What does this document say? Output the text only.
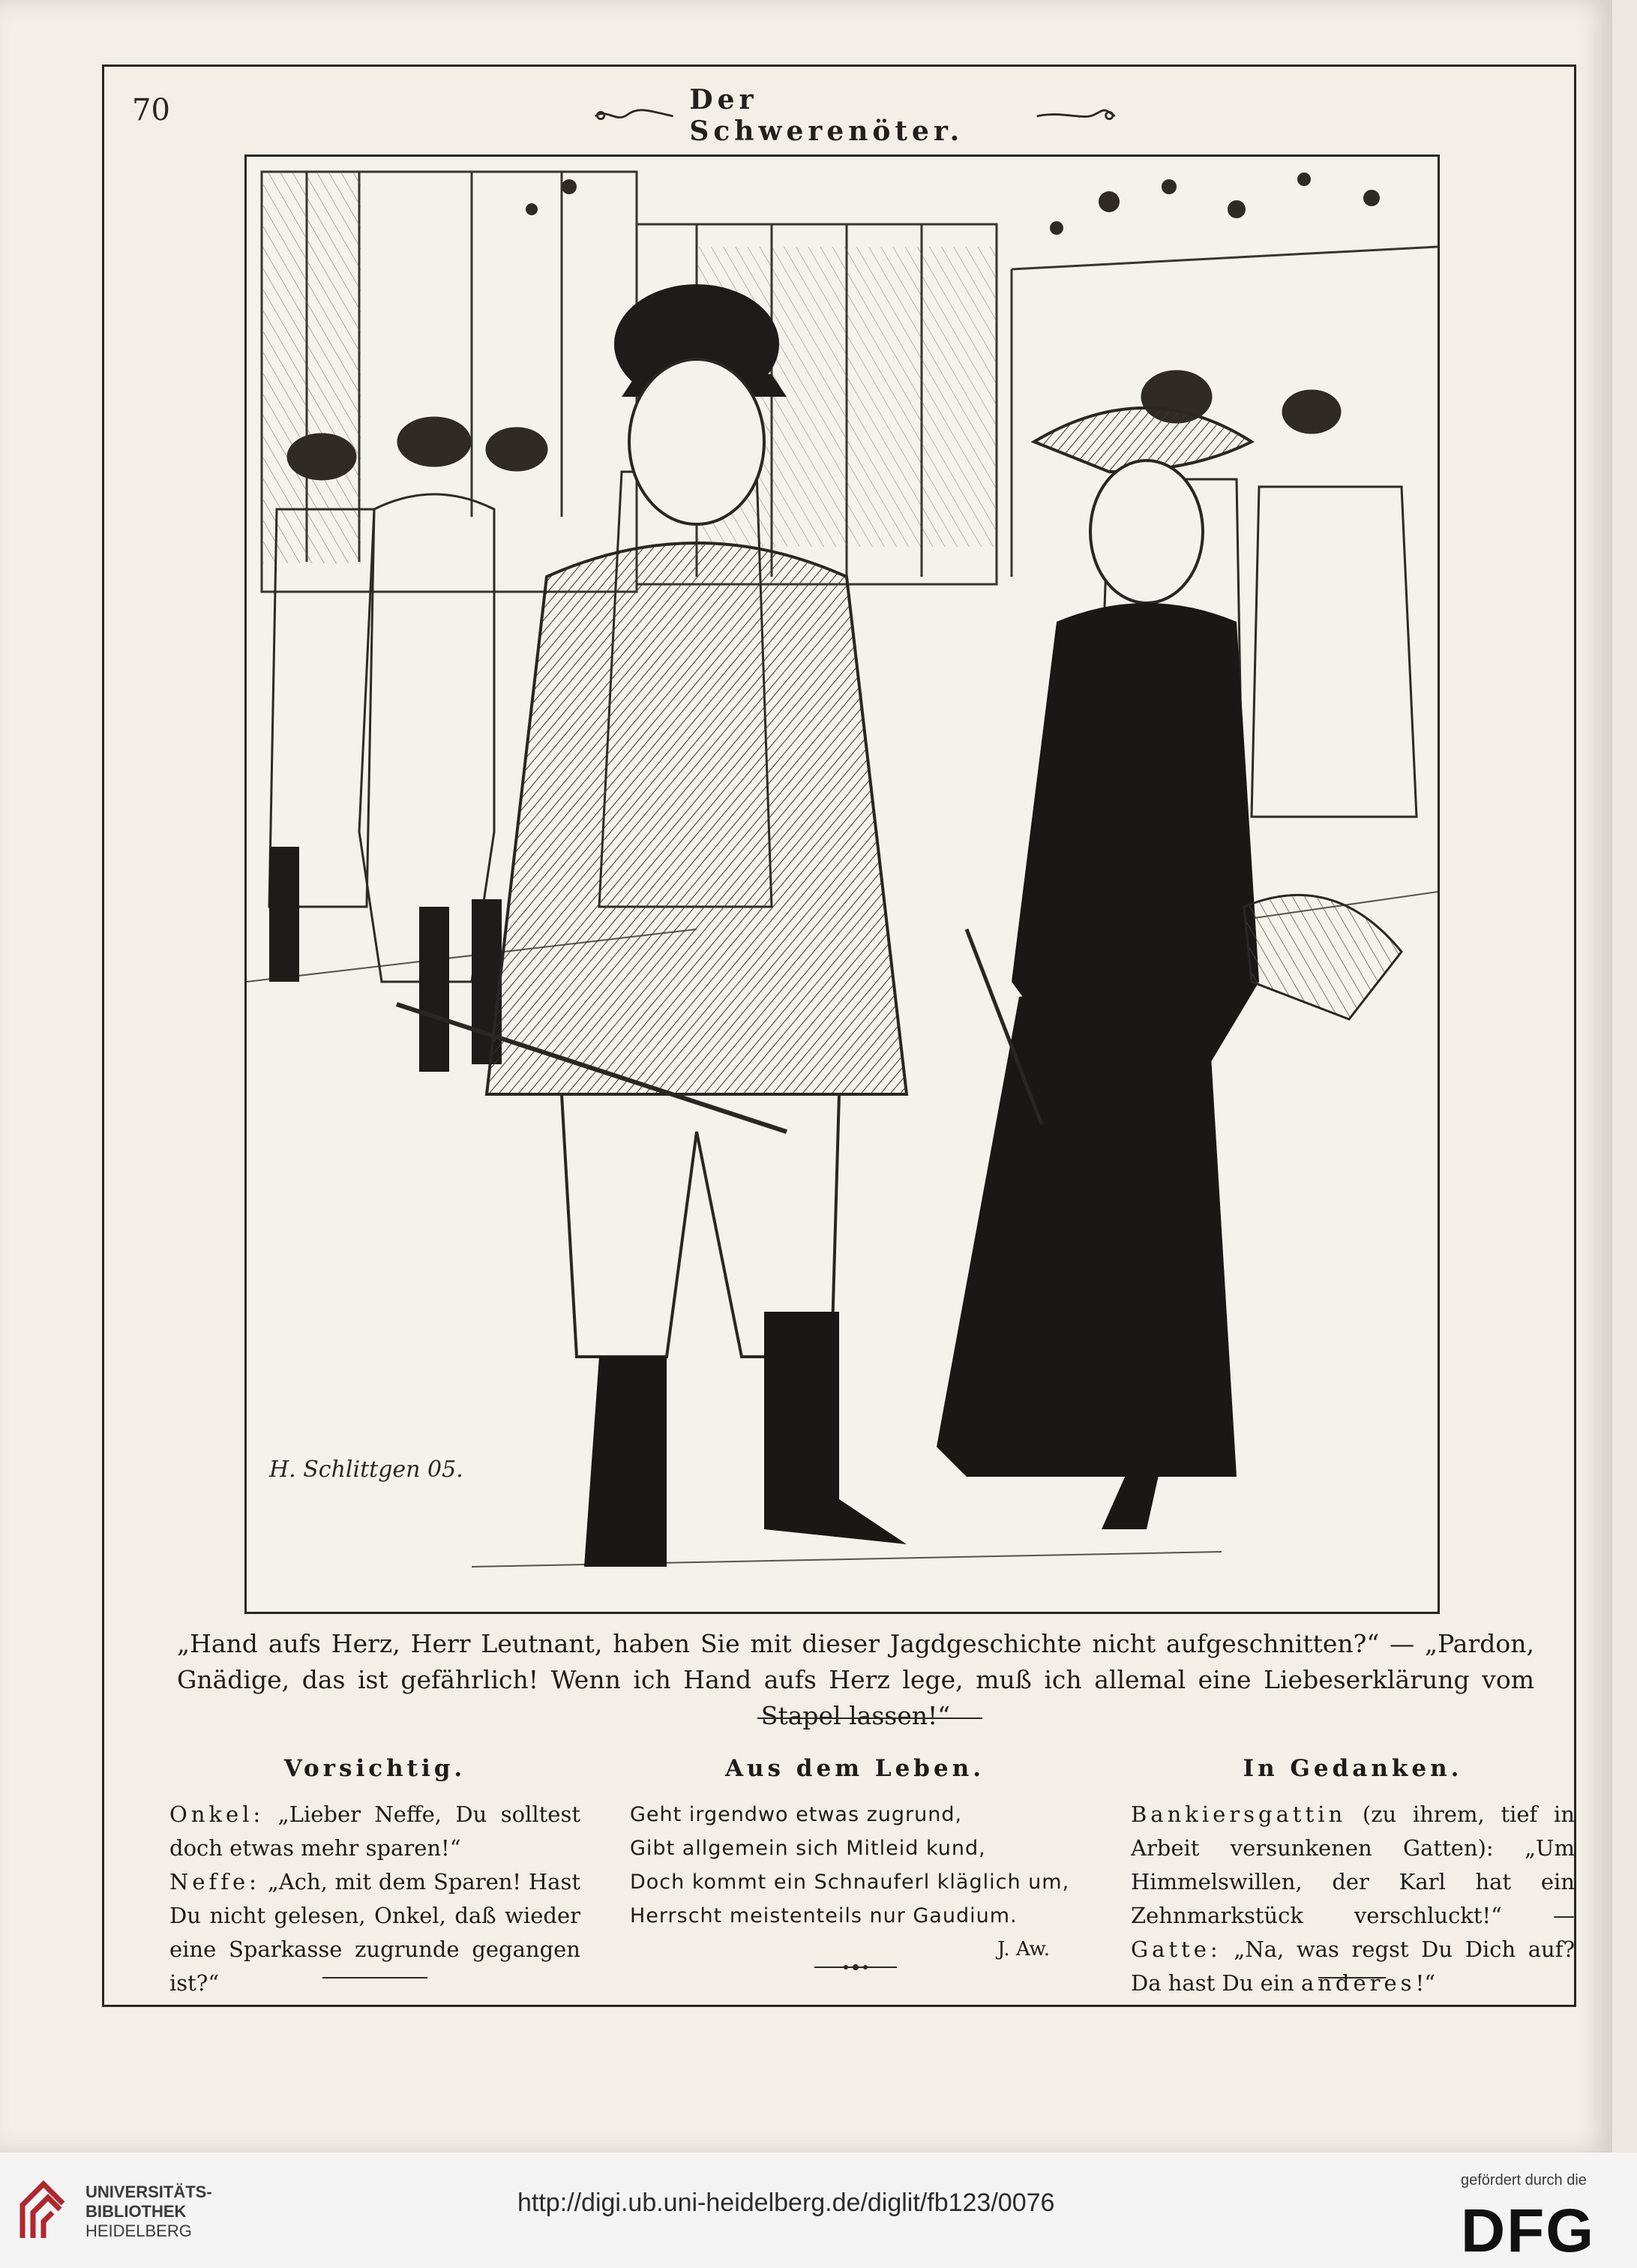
70	Der Schwerenöter.
H. Schlittgen 05.
„Hand aufs Herz, Herr Leutnant, haben Sie mit dieser Jagdgeschichte nicht aufgeschnitten?“ — „Pardon,
Gnädige, das ist gefährlich! Wenn ich Hand aufs Herz lege, muß ich allemal eine Liebeserklärung vom Stapel lassen!“
Vorsichtig.

Onkel: „Lieber Neffe, Du solltest doch etwas mehr sparen!“

Neffe: „Ach, mit dem Sparen! Hast Du nicht gelesen, Onkel, daß wieder eine Sparkasse zugrunde gegangen ist?“

Aus dem Leben.
Geht irgendwo etwas zugrund,
Gibt allgemein sich Mitleid kund,
Doch kommt ein Schnauferl kläglich um,
Herrscht meistenteils nur Gaudium.
J. Aw.
In Gedanken.

Bankiersgattin (zu ihrem, tief in Arbeit versunkenen Gatten): „Um Himmelswillen, der Karl hat ein Zehnmarkstück verschluckt!“ — Gatte: „Na, was regst Du Dich auf? Da hast Du ein anderes!“

UNIVERSITÄTS-
BIBLIOTHEK
HEIDELBERG
http://digi.ub.uni-heidelberg.de/diglit/fb123/0076
gefördert durch die
DFG
